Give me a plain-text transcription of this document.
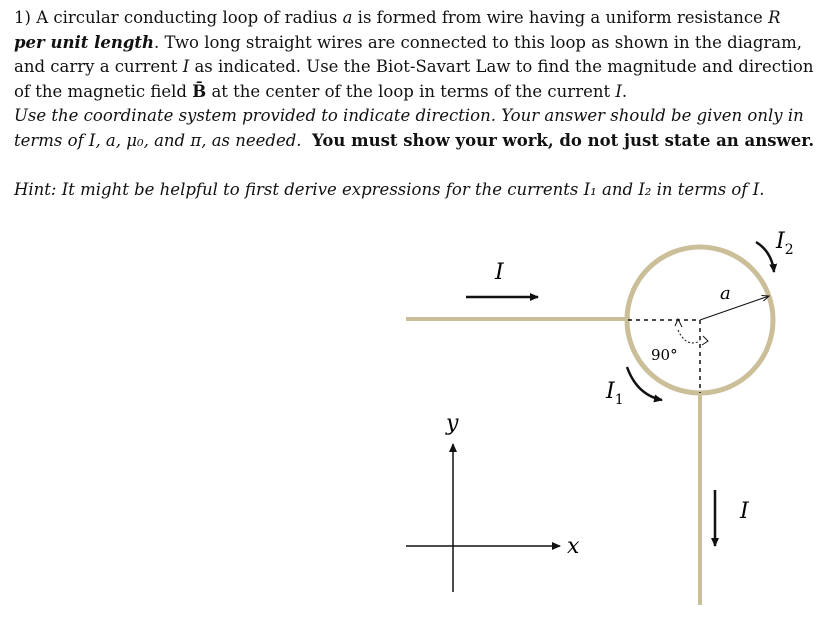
1) A circular conducting loop of radius a is formed from wire having a uniform resistance R
per unit length. Two long straight wires are connected to this loop as shown in the diagram, and carry a current I as indicated. Use the Biot-Savart Law to find the magnitude and direction of the magnetic field B̄ at the center of the loop in terms of the current I.

Use the coordinate system provided to indicate direction. Your answer should be given only in terms of I, a, μ₀, and π, as needed. You must show your work, do not just state an answer.

Hint: It might be helpful to first derive expressions for the currents I₁ and I₂ in terms of I.
a
90°
I
I
$I_1$
$I_2$
y
x
